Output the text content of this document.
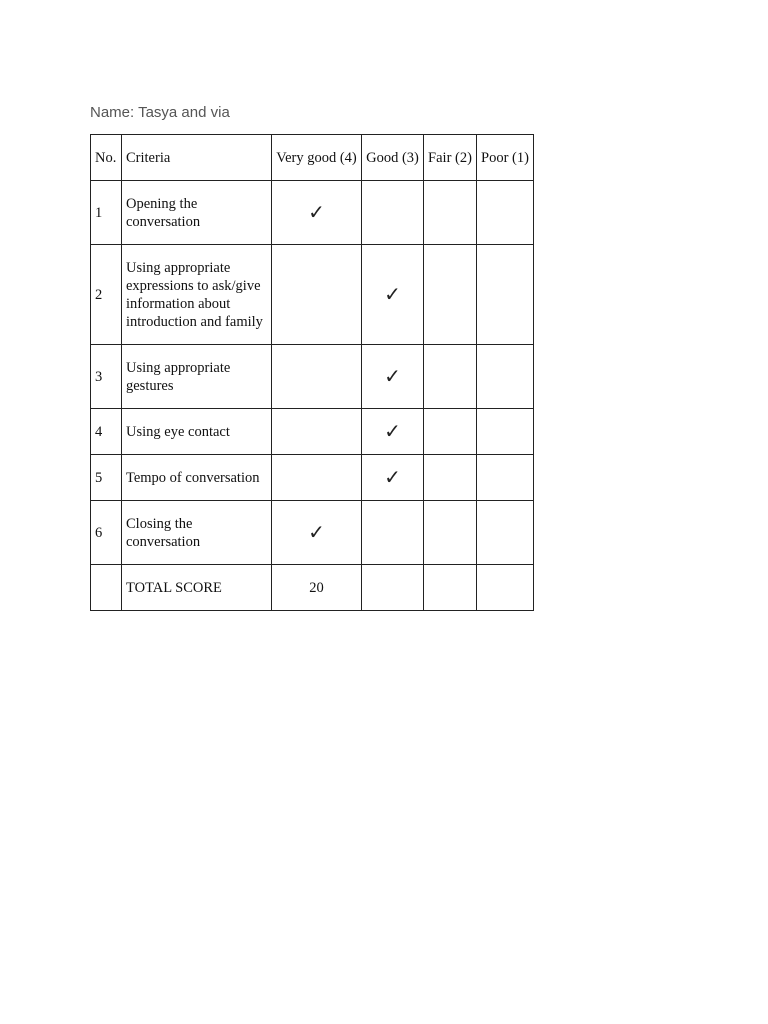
Name: Tasya and via

No.	Criteria	Very good (4)	Good (3)	Fair (2)	Poor (1)
1	Opening the conversation	✓			
2	Using appropriate expressions to ask/give information about introduction and family		✓		
3	Using appropriate gestures		✓		
4	Using eye contact		✓		
5	Tempo of conversation		✓		
6	Closing the conversation	✓			
	TOTAL SCORE	20			
